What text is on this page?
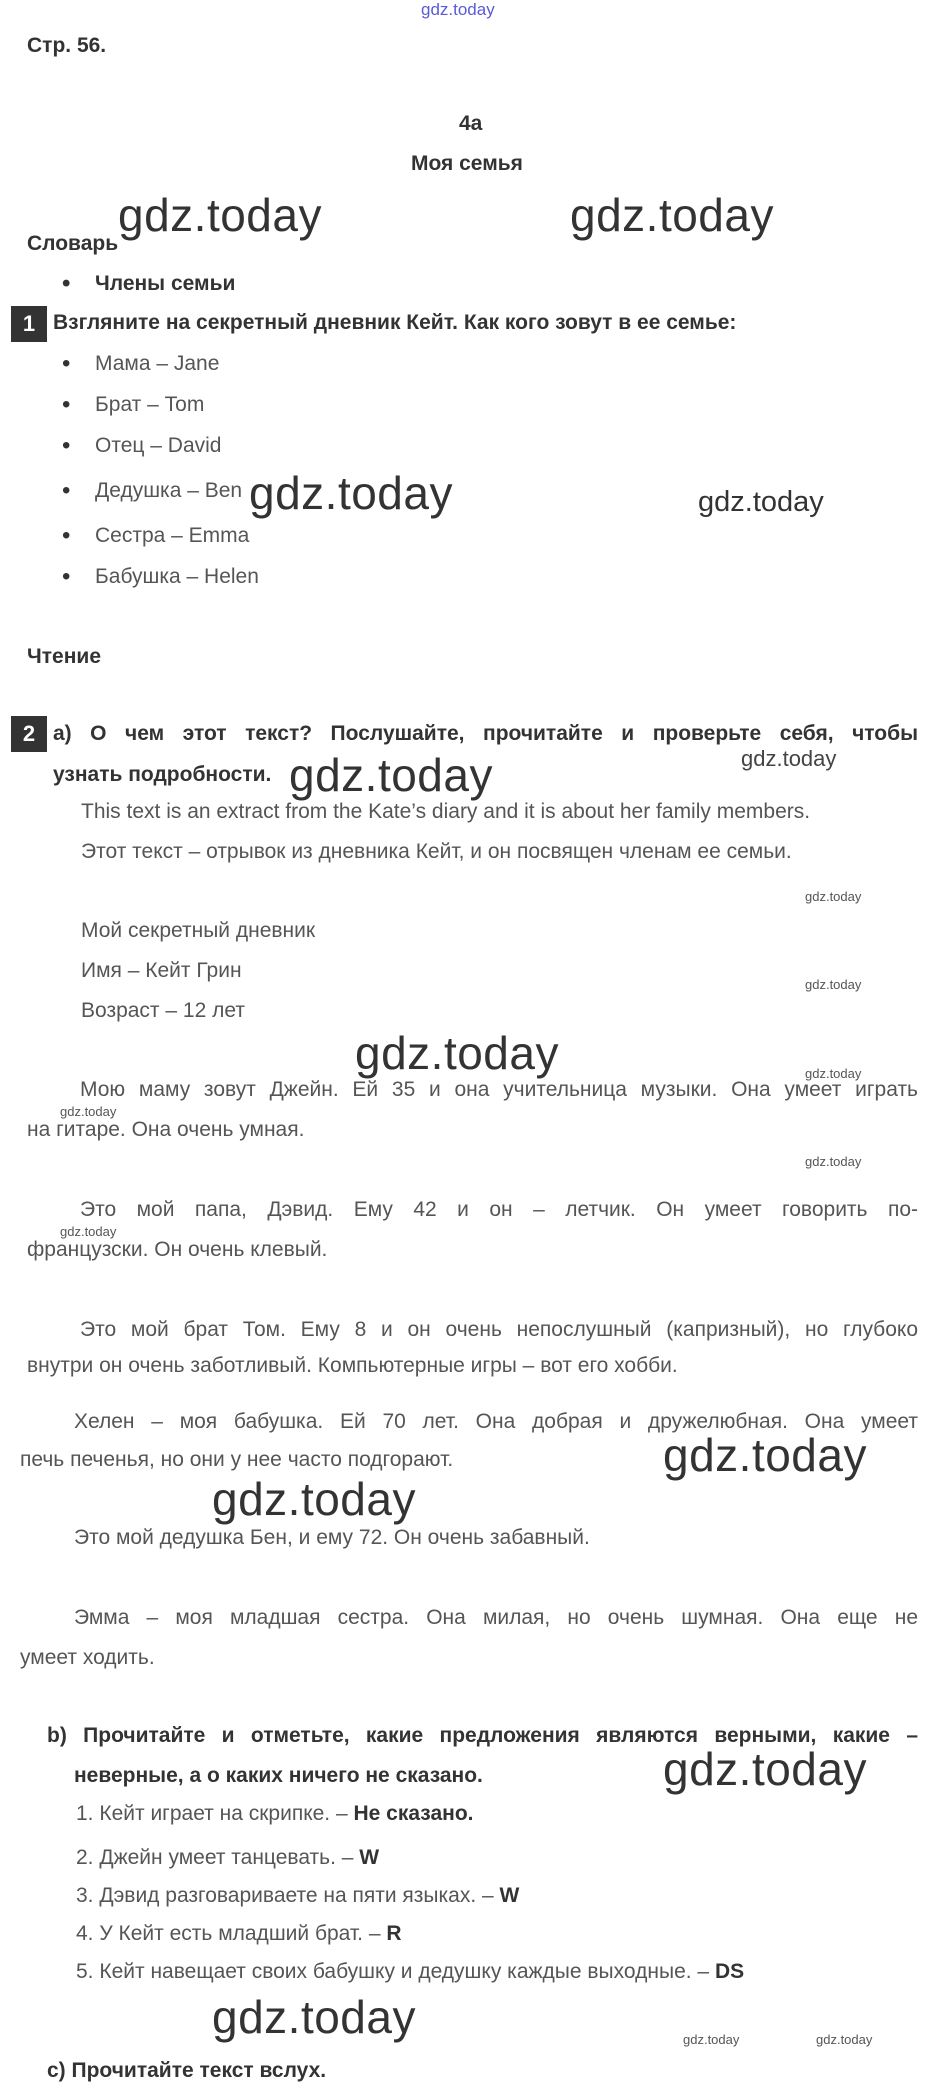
gdz.today
Стр. 56.
4a
Моя семья
gdz.today	gdz.today
Словарь
• Члены семьи
1 Взгляните на секретный дневник Кейт. Как кого зовут в ее семье:
• Мама – Jane
• Брат – Tom
• Отец – David
• Дедушка – Ben
• Сестра – Emma
• Бабушка – Helen
gdz.today	gdz.today
Чтение
2 а) О чем этот текст? Послушайте, прочитайте и проверьте себя, чтобы
узнать подробности. gdz.today	gdz.today
This text is an extract from the Kate’s diary and it is about her family members.
Этот текст – отрывок из дневника Кейт, и он посвящен членам ее семьи.
gdz.today
Мой секретный дневник
Имя – Кейт Грин
Возраст – 12 лет
gdz.today
gdz.today	gdz.today
Мою маму зовут Джейн. Ей 35 и она учительница музыки. Она умеет играть
gdz.today
на гитаре. Она очень умная.
gdz.today
Это мой папа, Дэвид. Ему 42 и он – летчик. Он умеет говорить по-
gdz.today
французски. Он очень клевый.
Это мой брат Том. Ему 8 и он очень непослушный (капризный), но глубоко
внутри он очень заботливый. Компьютерные игры – вот его хобби.
Хелен – моя бабушка. Ей 70 лет. Она добрая и дружелюбная. Она умеет
печь печенья, но они у нее часто подгорают.	gdz.today
gdz.today
Это мой дедушка Бен, и ему 72. Он очень забавный.
Эмма – моя младшая сестра. Она милая, но очень шумная. Она еще не
умеет ходить.
b) Прочитайте и отметьте, какие предложения являются верными, какие –
неверные, а о каких ничего не сказано.	gdz.today
1. Кейт играет на скрипке. – Не сказано.
2. Джейн умеет танцевать. – W
3. Дэвид разговариваете на пяти языках. – W
4. У Кейт есть младший брат. – R
5. Кейт навещает своих бабушку и дедушку каждые выходные. – DS
gdz.today	gdz.today	gdz.today
с) Прочитайте текст вслух.
